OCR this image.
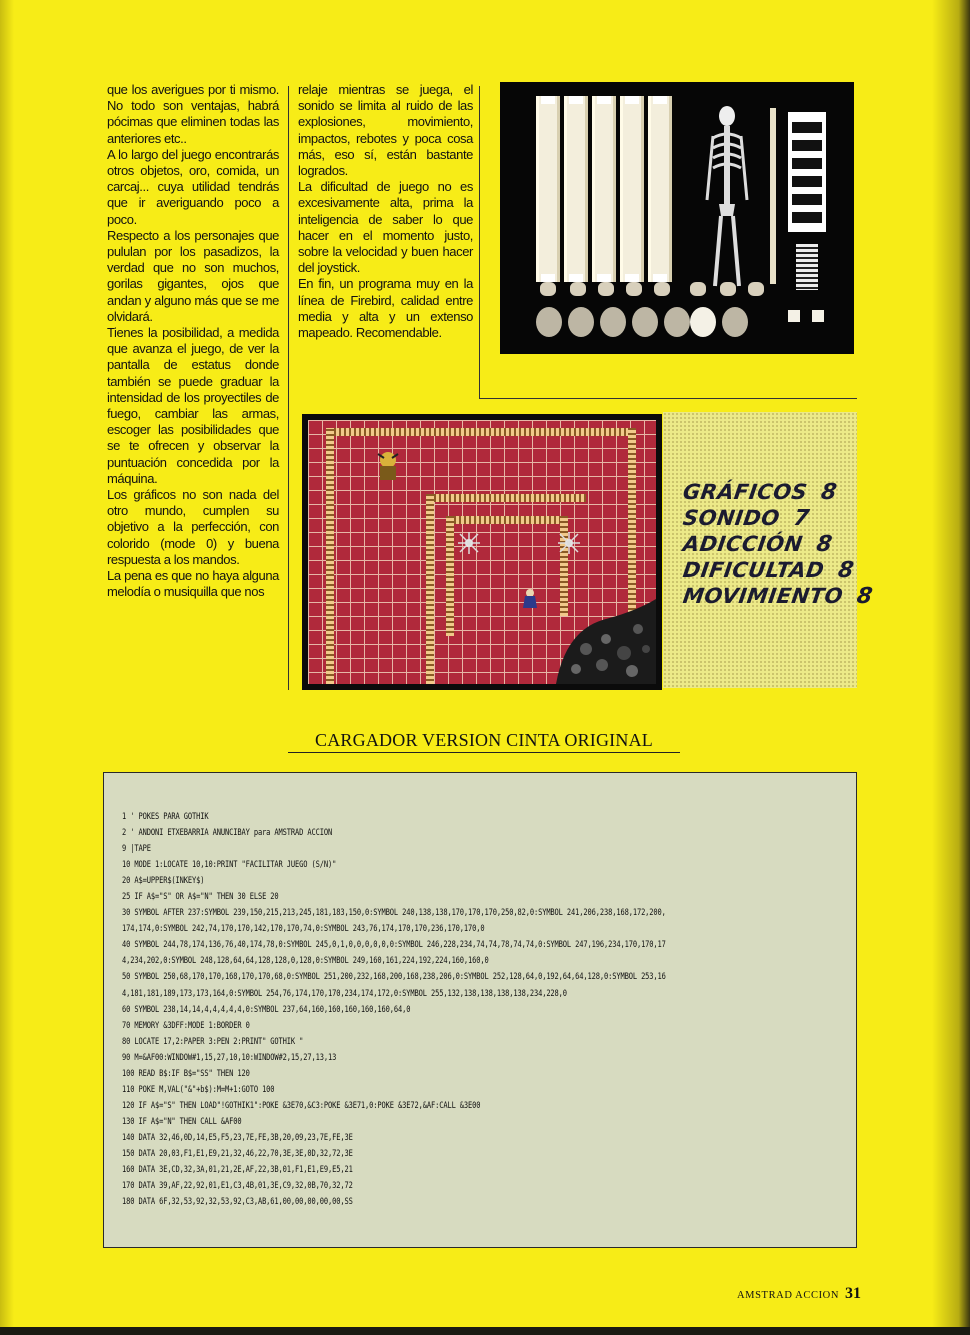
que los averigues por ti mismo. No todo son ventajas, habrá pócimas que eliminen todas las anteriores etc..

A lo largo del juego encontrarás otros objetos, oro, comida, un carcaj... cuya utilidad tendrás que ir averiguando poco a poco.

Respecto a los personajes que pululan por los pasadizos, la verdad que no son muchos, gorilas gigantes, ojos que andan y alguno más que se me olvidará.

Tienes la posibilidad, a medida que avanza el juego, de ver la pantalla de estatus donde también se puede graduar la intensidad de los proyectiles de fuego, cambiar las armas, escoger las posibilidades que se te ofrecen y observar la puntuación concedida por la máquina.

Los gráficos no son nada del otro mundo, cumplen su objetivo a la perfección, con colorido (mode 0) y buena respuesta a los mandos.

La pena es que no haya alguna melodía o musiquilla que nos

relaje mientras se juega, el sonido se limita al ruido de las explosiones, movimiento, impactos, rebotes y poca cosa más, eso sí, están bastante logrados.

La dificultad de juego no es excesivamente alta, prima la inteligencia de saber lo que hacer en el momento justo, sobre la velocidad y buen hacer del joystick.

En fin, un programa muy en la línea de Firebird, calidad entre media y alta y un extenso mapeado. Recomendable.

GRÁFICOS 8
SONIDO 7
ADICCIÓN 8
DIFICULTAD 8
MOVIMIENTO 8
CARGADOR VERSION CINTA ORIGINAL
1 ' POKES PARA GOTHIK
2 ' ANDONI ETXEBARRIA ANUNCIBAY para AMSTRAD ACCION
9 |TAPE
10 MODE 1:LOCATE 10,10:PRINT "FACILITAR JUEGO (S/N)"
20 A$=UPPER$(INKEY$)
25 IF A$="S" OR A$="N" THEN 30 ELSE 20
30 SYMBOL AFTER 237:SYMBOL 239,150,215,213,245,181,183,150,0:SYMBOL 240,138,138,170,170,170,250,82,0:SYMBOL 241,206,238,168,172,200,
174,174,0:SYMBOL 242,74,170,170,142,170,170,74,0:SYMBOL 243,76,174,170,170,236,170,170,0
40 SYMBOL 244,78,174,136,76,40,174,78,0:SYMBOL 245,0,1,0,0,0,0,0,0:SYMBOL 246,228,234,74,74,78,74,74,0:SYMBOL 247,196,234,170,170,17
4,234,202,0:SYMBOL 248,128,64,64,128,128,0,128,0:SYMBOL 249,160,161,224,192,224,160,160,0
50 SYMBOL 250,68,170,170,168,170,170,68,0:SYMBOL 251,200,232,168,200,168,238,206,0:SYMBOL 252,128,64,0,192,64,64,128,0:SYMBOL 253,16
4,181,181,189,173,173,164,0:SYMBOL 254,76,174,170,170,234,174,172,0:SYMBOL 255,132,138,138,138,138,234,228,0
60 SYMBOL 238,14,14,4,4,4,4,4,0:SYMBOL 237,64,160,160,160,160,160,64,0
70 MEMORY &3DFF:MODE 1:BORDER 0
80 LOCATE 17,2:PAPER 3:PEN 2:PRINT" GOTHIK "
90 M=&AF00:WINDOW#1,15,27,10,10:WINDOW#2,15,27,13,13
100 READ B$:IF B$="SS" THEN 120
110 POKE M,VAL("&"+b$):M=M+1:GOTO 100
120 IF A$="S" THEN LOAD"!GOTHIK1":POKE &3E70,&C3:POKE &3E71,0:POKE &3E72,&AF:CALL &3E00
130 IF A$="N" THEN CALL &AF00
140 DATA 32,46,0D,14,E5,F5,23,7E,FE,3B,20,09,23,7E,FE,3E
150 DATA 20,03,F1,E1,E9,21,32,46,22,70,3E,3E,0D,32,72,3E
160 DATA 3E,CD,32,3A,01,21,2E,AF,22,3B,01,F1,E1,E9,E5,21
170 DATA 39,AF,22,92,01,E1,C3,4B,01,3E,C9,32,0B,70,32,72
180 DATA 6F,32,53,92,32,53,92,C3,AB,61,00,00,00,00,00,SS
AMSTRAD ACCION 31
